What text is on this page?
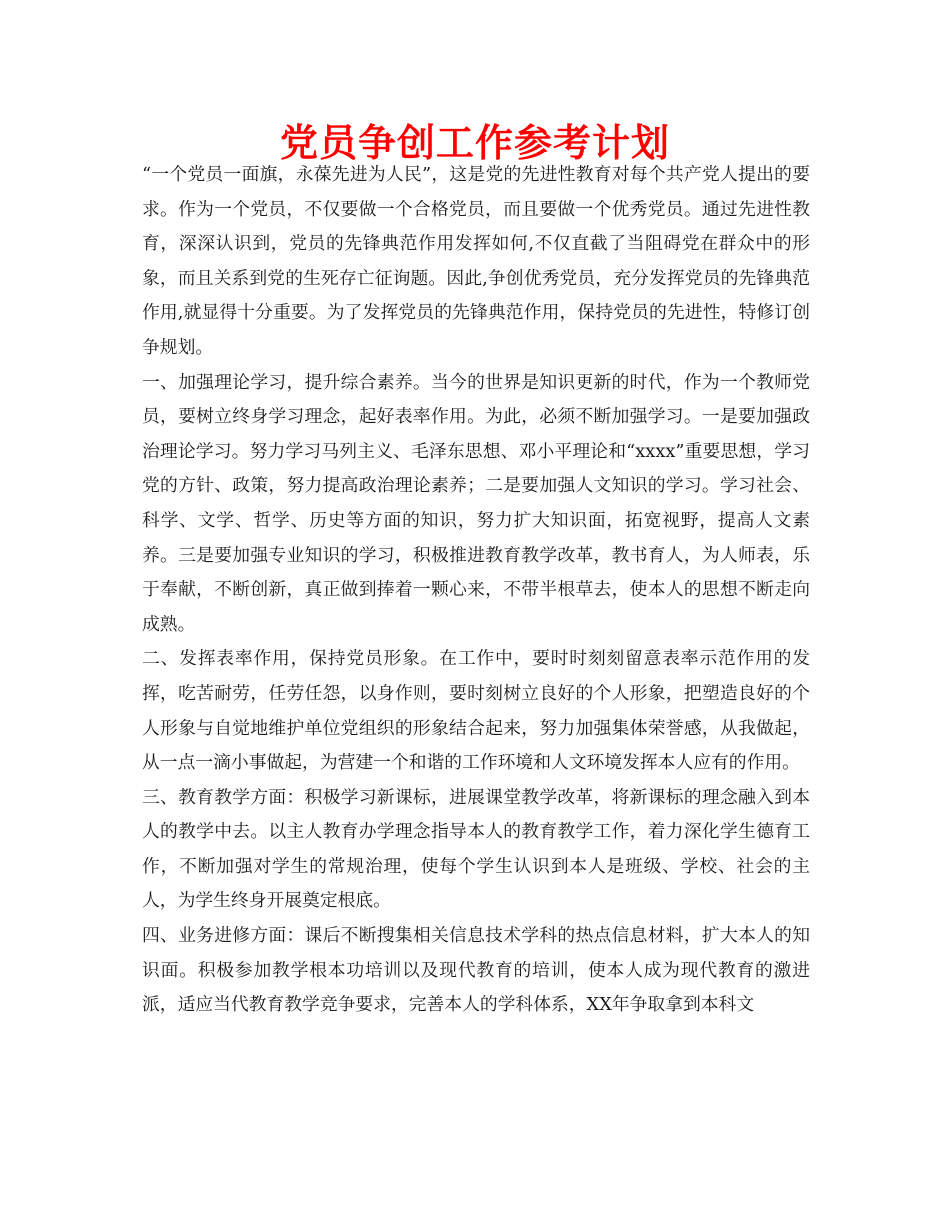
党员争创工作参考计划

“一个党员一面旗，永葆先进为人民”，这是党的先进性教育对每个共产党人提出的要求。作为一个党员，不仅要做一个合格党员，而且要做一个优秀党员。通过先进性教育，深深认识到，党员的先锋典范作用发挥如何,不仅直截了当阻碍党在群众中的形象，而且关系到党的生死存亡征询题。因此,争创优秀党员，充分发挥党员的先锋典范作用,就显得十分重要。为了发挥党员的先锋典范作用，保持党员的先进性，特修订创争规划。

一、加强理论学习，提升综合素养。当今的世界是知识更新的时代，作为一个教师党员，要树立终身学习理念，起好表率作用。为此，必须不断加强学习。一是要加强政治理论学习。努力学习马列主义、毛泽东思想、邓小平理论和“xxxx”重要思想，学习党的方针、政策，努力提高政治理论素养；二是要加强人文知识的学习。学习社会、科学、文学、哲学、历史等方面的知识，努力扩大知识面，拓宽视野，提高人文素养。三是要加强专业知识的学习，积极推进教育教学改革，教书育人，为人师表，乐于奉献，不断创新，真正做到捧着一颗心来，不带半根草去，使本人的思想不断走向成熟。

二、发挥表率作用，保持党员形象。在工作中，要时时刻刻留意表率示范作用的发挥，吃苦耐劳，任劳任怨，以身作则，要时刻树立良好的个人形象，把塑造良好的个人形象与自觉地维护单位党组织的形象结合起来，努力加强集体荣誉感，从我做起，从一点一滴小事做起，为营建一个和谐的工作环境和人文环境发挥本人应有的作用。

三、教育教学方面：积极学习新课标，进展课堂教学改革，将新课标的理念融入到本人的教学中去。以主人教育办学理念指导本人的教育教学工作，着力深化学生德育工作，不断加强对学生的常规治理，使每个学生认识到本人是班级、学校、社会的主人，为学生终身开展奠定根底。

四、业务进修方面：课后不断搜集相关信息技术学科的热点信息材料，扩大本人的知识面。积极参加教学根本功培训以及现代教育的培训，使本人成为现代教育的激进派，适应当代教育教学竞争要求，完善本人的学科体系，XX年争取拿到本科文
